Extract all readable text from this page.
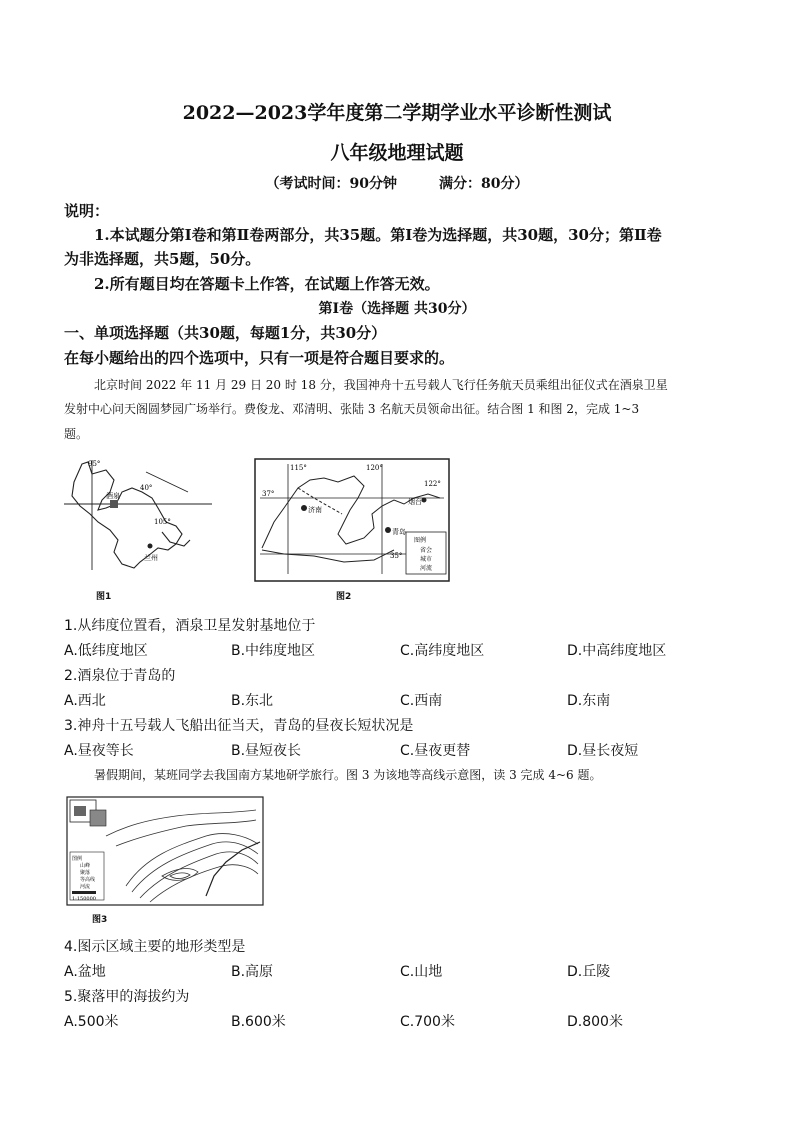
2022—2023学年度第二学期学业水平诊断性测试
八年级地理试题
（考试时间：90分钟　　　满分：80分）
说明：
1.本试题分第Ⅰ卷和第Ⅱ卷两部分，共35题。第Ⅰ卷为选择题，共30题，30分；第Ⅱ卷
为非选择题，共5题，50分。
2.所有题目均在答题卡上作答，在试题上作答无效。
第Ⅰ卷（选择题 共30分）
一、单项选择题（共30题，每题1分，共30分）
在每小题给出的四个选项中，只有一项是符合题目要求的。
北京时间 2022 年 11 月 29 日 20 时 18 分，我国神舟十五号载人飞行任务航天员乘组出征仪式在酒泉卫星
发射中心问天阁圆梦园广场举行。费俊龙、邓清明、张陆 3 名航天员领命出征。结合图 1 和图 2，完成 1~3
题。
95°
40°
酒泉
105°
兰州
图1
115°	120°
122°
济南
青岛
烟台
35°
37°
图例
省会
城市
河流
图2
1.从纬度位置看，酒泉卫星发射基地位于
A.低纬度地区	B.中纬度地区	C.高纬度地区	D.中高纬度地区
2.酒泉位于青岛的
A.西北	B.东北	C.西南	D.东南
3.神舟十五号载人飞船出征当天，青岛的昼夜长短状况是
A.昼夜等长	B.昼短夜长	C.昼夜更替	D.昼长夜短
暑假期间，某班同学去我国南方某地研学旅行。图 3 为该地等高线示意图，读 3 完成 4~6 题。
图例
山峰
聚落
等高线
河流
1:150000
图3
4.图示区域主要的地形类型是
A.盆地	B.高原	C.山地	D.丘陵
5.聚落甲的海拔约为
A.500米	B.600米	C.700米	D.800米
